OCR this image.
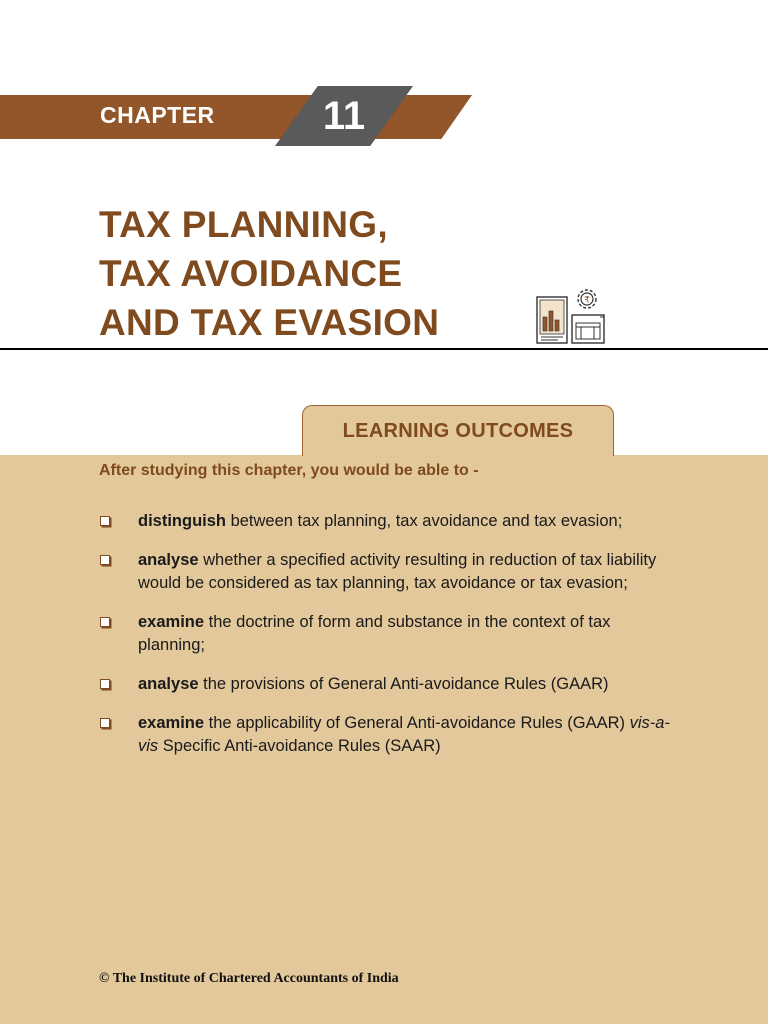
CHAPTER	11
TAX PLANNING,
TAX AVOIDANCE
AND TAX EVASION
₹
LEARNING OUTCOMES
After studying this chapter, you would be able to -
distinguish between tax planning, tax avoidance and tax evasion;
analyse whether a specified activity resulting in reduction of tax liability would be considered as tax planning, tax avoidance or tax evasion;
examine the doctrine of form and substance in the context of tax planning;
analyse the provisions of General Anti-avoidance Rules (GAAR)
examine the applicability of General Anti-avoidance Rules (GAAR) vis-a-vis Specific Anti-avoidance Rules (SAAR)
© The Institute of Chartered Accountants of India
